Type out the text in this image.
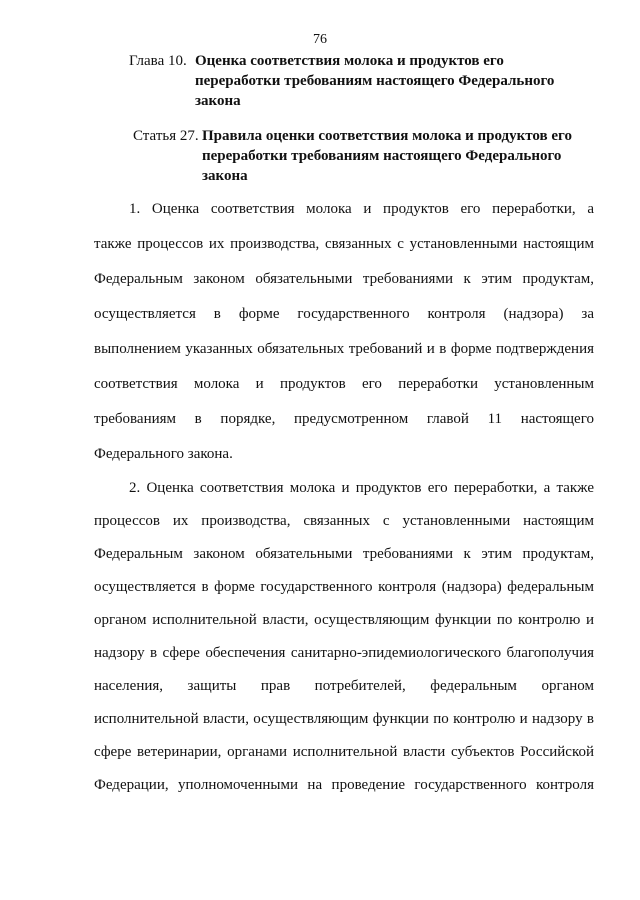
76
Глава 10. Оценка соответствия молока и продуктов его
переработки требованиям настоящего Федерального
закона
Статья 27. Правила оценки соответствия молока и продуктов его
переработки требованиям настоящего Федерального
закона
1. Оценка соответствия молока и продуктов его переработки, а
также процессов их производства, связанных с установленными настоящим
Федеральным законом обязательными требованиями к этим продуктам,
осуществляется в форме государственного контроля (надзора) за
выполнением указанных обязательных требований и в форме подтверждения
соответствия молока и продуктов его переработки установленным
требованиям в порядке, предусмотренном главой 11 настоящего
Федерального закона.
2. Оценка соответствия молока и продуктов его переработки, а также
процессов их производства, связанных с установленными настоящим
Федеральным законом обязательными требованиями к этим продуктам,
осуществляется в форме государственного контроля (надзора) федеральным
органом исполнительной власти, осуществляющим функции по контролю и
надзору в сфере обеспечения санитарно-эпидемиологического благополучия
населения, защиты прав потребителей, федеральным органом
исполнительной власти, осуществляющим функции по контролю и надзору в
сфере ветеринарии, органами исполнительной власти субъектов Российской
Федерации, уполномоченными на проведение государственного контроля
